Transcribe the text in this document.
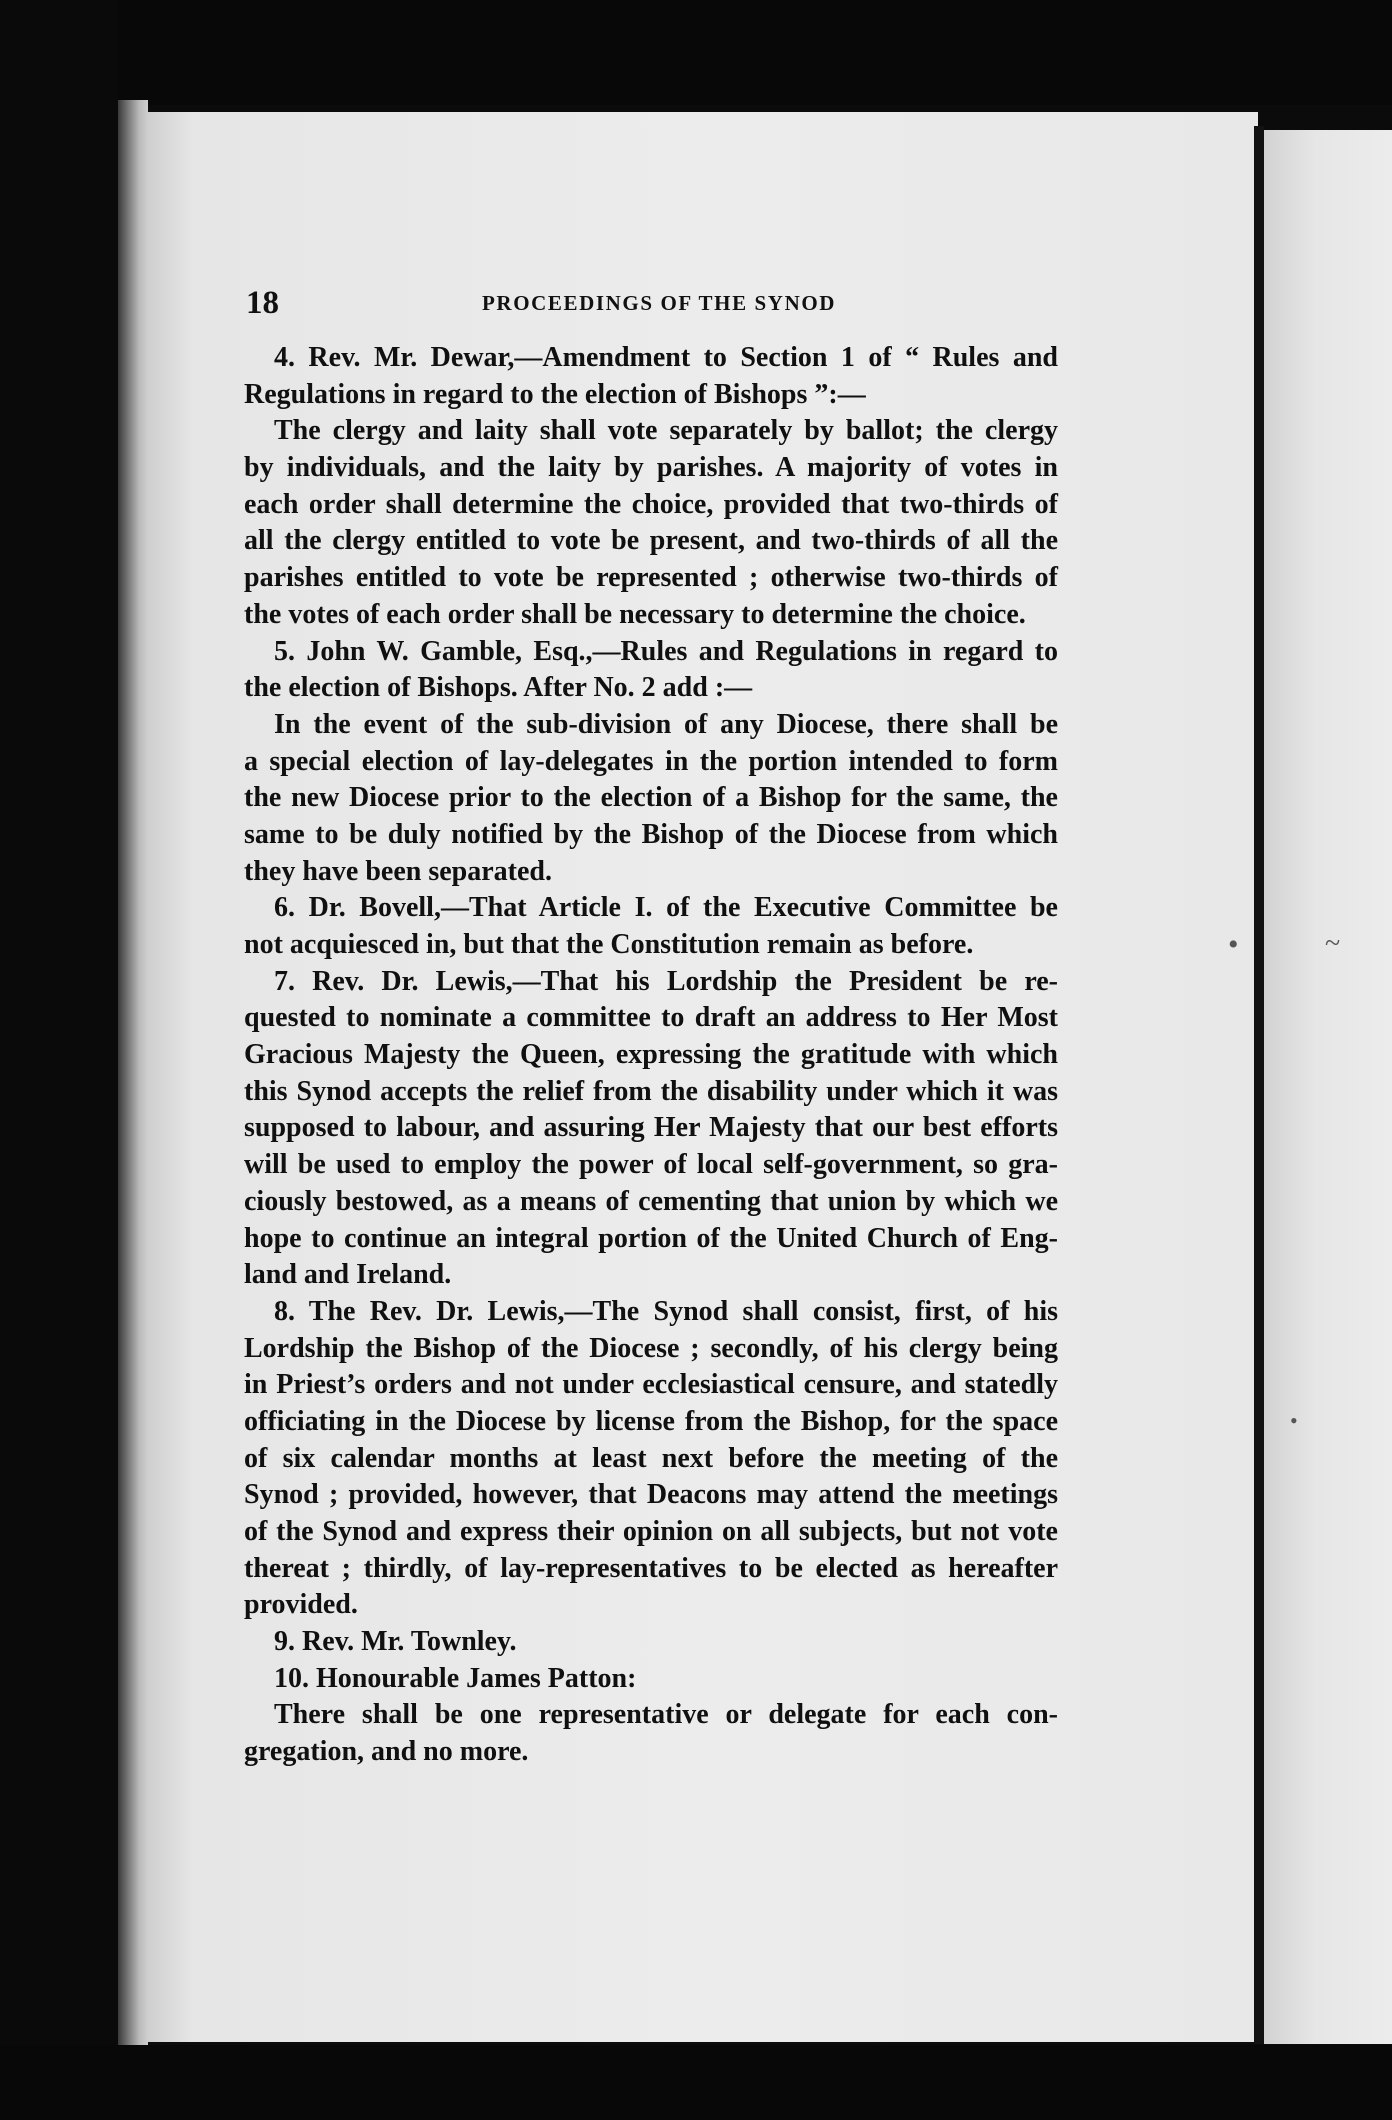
•
•
~
18	PROCEEDINGS OF THE SYNOD
4. Rev. Mr. Dewar,—Amendment to Section 1 of “ Rules and
Regulations in regard to the election of Bishops ”:—
The clergy and laity shall vote separately by ballot; the clergy
by individuals, and the laity by parishes. A majority of votes in
each order shall determine the choice, provided that two-thirds of
all the clergy entitled to vote be present, and two-thirds of all the
parishes entitled to vote be represented ; otherwise two-thirds of
the votes of each order shall be necessary to determine the choice.
5. John W. Gamble, Esq.,—Rules and Regulations in regard to
the election of Bishops. After No. 2 add :—
In the event of the sub-division of any Diocese, there shall be
a special election of lay-delegates in the portion intended to form
the new Diocese prior to the election of a Bishop for the same, the
same to be duly notified by the Bishop of the Diocese from which
they have been separated.
6. Dr. Bovell,—That Article I. of the Executive Committee be
not acquiesced in, but that the Constitution remain as before.
7. Rev. Dr. Lewis,—That his Lordship the President be re-
quested to nominate a committee to draft an address to Her Most
Gracious Majesty the Queen, expressing the gratitude with which
this Synod accepts the relief from the disability under which it was
supposed to labour, and assuring Her Majesty that our best efforts
will be used to employ the power of local self-government, so gra-
ciously bestowed, as a means of cementing that union by which we
hope to continue an integral portion of the United Church of Eng-
land and Ireland.
8. The Rev. Dr. Lewis,—The Synod shall consist, first, of his
Lordship the Bishop of the Diocese ; secondly, of his clergy being
in Priest’s orders and not under ecclesiastical censure, and statedly
officiating in the Diocese by license from the Bishop, for the space
of six calendar months at least next before the meeting of the
Synod ; provided, however, that Deacons may attend the meetings
of the Synod and express their opinion on all subjects, but not vote
thereat ; thirdly, of lay-representatives to be elected as hereafter
provided.
9. Rev. Mr. Townley.
10. Honourable James Patton:
There shall be one representative or delegate for each con-
gregation, and no more.
